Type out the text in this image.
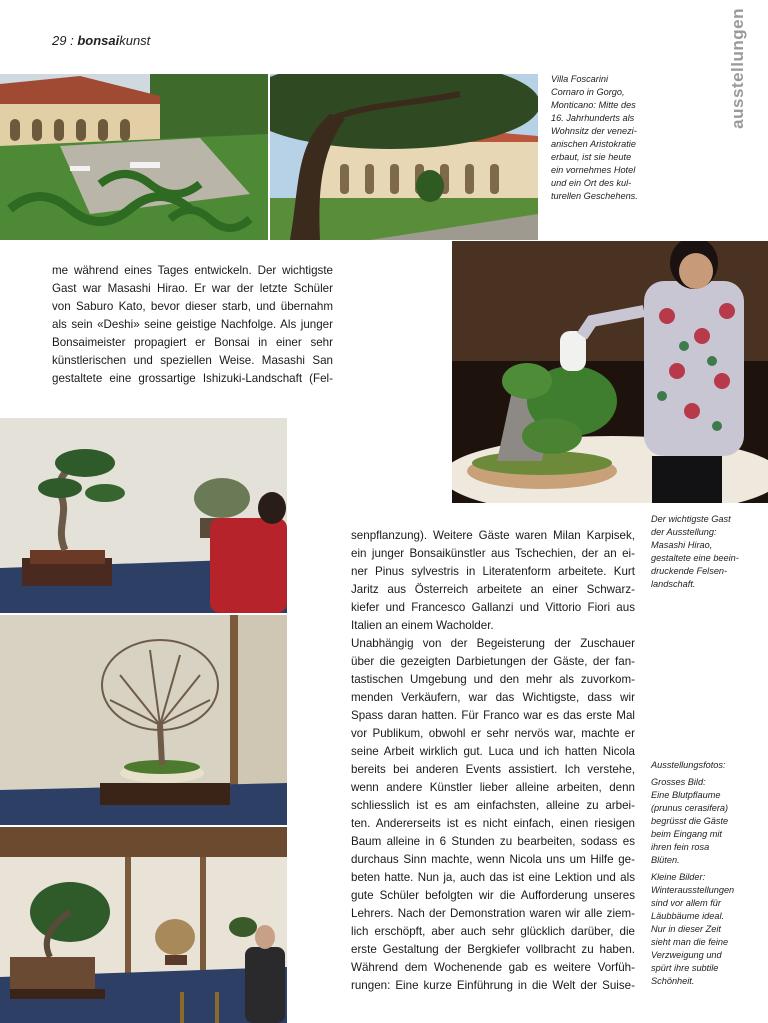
29 : bonsaikunst	ausstellungen

Villa Foscarini

Cornaro in Gorgo,

Monticano: Mitte des

16. Jahrhunderts als

Wohnsitz der venezi-

anischen Aristokratie

erbaut, ist sie heute

ein vornehmes Hotel

und ein Ort des kul-

turellen Geschehens.

Der wichtigste Gast

der Ausstellung:

Masashi Hirao,

gestaltete eine beein-

druckende Felsen-

landschaft.

me während eines Tages entwickeln. Der wichtigste
Gast war Masashi Hirao. Er war der letzte Schüler
von Saburo Kato, bevor dieser starb, und übernahm
als sein «Deshi» seine geistige Nachfolge. Als junger
Bonsaimeister propagiert er Bonsai in einer sehr
künstlerischen und speziellen Weise. Masashi San
gestaltete eine grossartige Ishizuki-Landschaft (Fel-
senpflanzung). Weitere Gäste waren Milan Karpisek,
ein junger Bonsaikünstler aus Tschechien, der an ei-
ner Pinus sylvestris in Literatenform arbeitete. Kurt
Jaritz aus Österreich arbeitete an einer Schwarz-
kiefer und Francesco Gallanzi und Vittorio Fiori aus
Italien an einem Wacholder.
Unabhängig von der Begeisterung der Zuschauer
über die gezeigten Darbietungen der Gäste, der fan-
tastischen Umgebung und den mehr als zuvorkom-
menden Verkäufern, war das Wichtigste, dass wir
Spass daran hatten. Für Franco war es das erste Mal
vor Publikum, obwohl er sehr nervös war, machte er
seine Arbeit wirklich gut. Luca und ich hatten Nicola
bereits bei anderen Events assistiert. Ich verstehe,
wenn andere Künstler lieber alleine arbeiten, denn
schliesslich ist es am einfachsten, alleine zu arbei-
ten. Andererseits ist es nicht einfach, einen riesigen
Baum alleine in 6 Stunden zu bearbeiten, sodass es
durchaus Sinn machte, wenn Nicola uns um Hilfe ge-
beten hatte. Nun ja, auch das ist eine Lektion und als
gute Schüler befolgten wir die Aufforderung unseres
Lehrers. Nach der Demonstration waren wir alle ziem-
lich erschöpft, aber auch sehr glücklich darüber, die
erste Gestaltung der Bergkiefer vollbracht zu haben.
Während dem Wochenende gab es weitere Vorfüh-
rungen: Eine kurze Einführung in die Welt der Suise-

Ausstellungsfotos:

Grosses Bild:

Eine Blutpflaume

(prunus cerasifera)

begrüsst die Gäste

beim Eingang mit

ihren fein rosa

Blüten.

Kleine Bilder:

Winterausstellungen

sind vor allem für

Läubbäume ideal.

Nur in dieser Zeit

sieht man die feine

Verzweigung und

spürt ihre subtile

Schönheit.
